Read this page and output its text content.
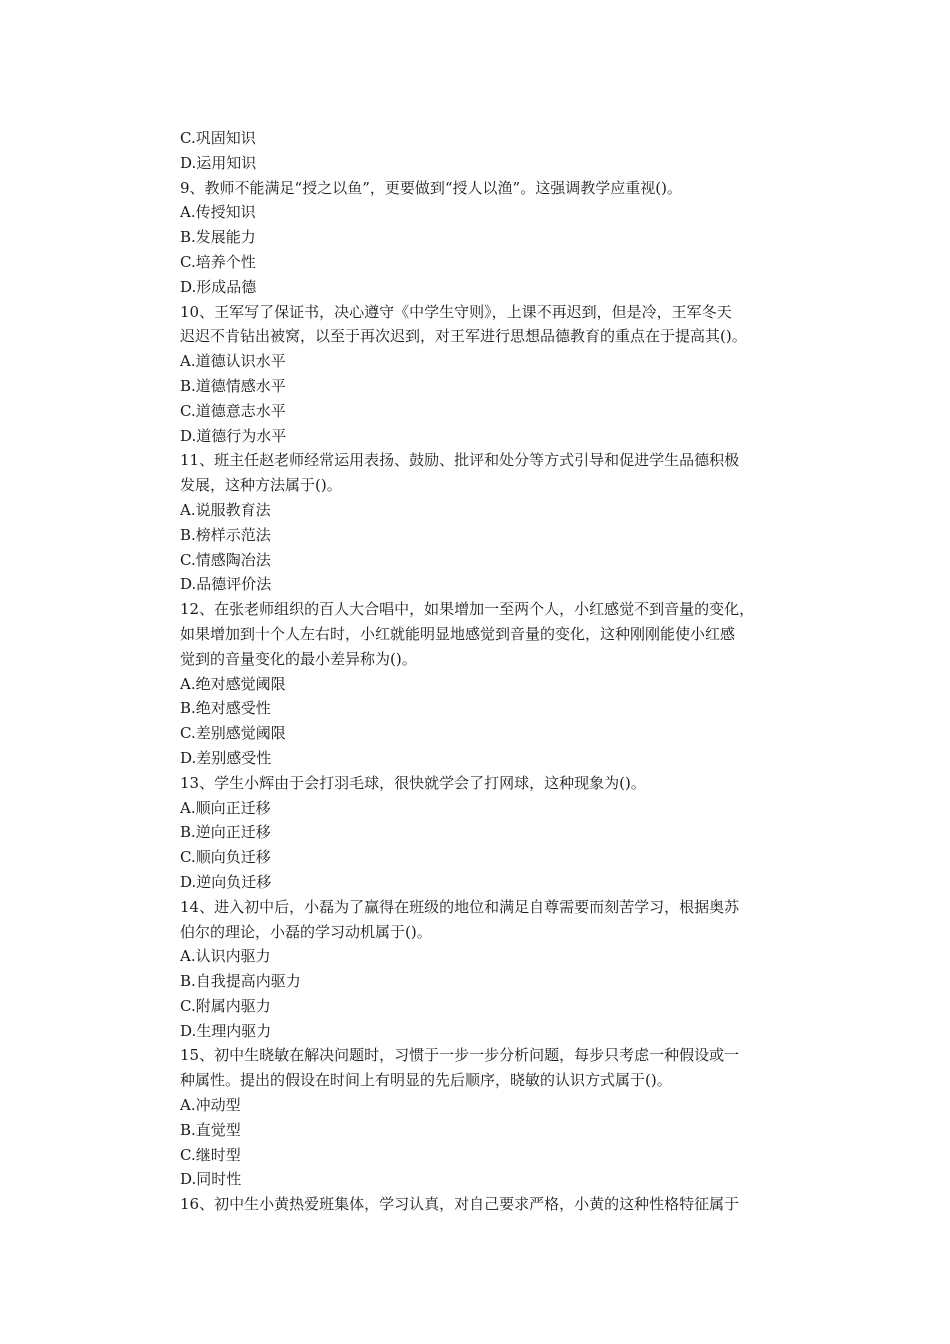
C.巩固知识
D.运用知识
9、教师不能满足“授之以鱼”，更要做到“授人以渔”。这强调教学应重视()。
A.传授知识
B.发展能力
C.培养个性
D.形成品德
10、王军写了保证书，决心遵守《中学生守则》，上课不再迟到，但是冷，王军冬天
迟迟不肯钻出被窝，以至于再次迟到，对王军进行思想品德教育的重点在于提高其()。
A.道德认识水平
B.道德情感水平
C.道德意志水平
D.道德行为水平
11、班主任赵老师经常运用表扬、鼓励、批评和处分等方式引导和促进学生品德积极
发展，这种方法属于()。
A.说服教育法
B.榜样示范法
C.情感陶冶法
D.品德评价法
12、在张老师组织的百人大合唱中，如果增加一至两个人，小红感觉不到音量的变化，
如果增加到十个人左右时，小红就能明显地感觉到音量的变化，这种刚刚能使小红感
觉到的音量变化的最小差异称为()。
A.绝对感觉阈限
B.绝对感受性
C.差别感觉阈限
D.差别感受性
13、学生小辉由于会打羽毛球，很快就学会了打网球，这种现象为()。
A.顺向正迁移
B.逆向正迁移
C.顺向负迁移
D.逆向负迁移
14、进入初中后，小磊为了赢得在班级的地位和满足自尊需要而刻苦学习，根据奥苏
伯尔的理论，小磊的学习动机属于()。
A.认识内驱力
B.自我提高内驱力
C.附属内驱力
D.生理内驱力
15、初中生晓敏在解决问题时，习惯于一步一步分析问题，每步只考虑一种假设或一
种属性。提出的假设在时间上有明显的先后顺序，晓敏的认识方式属于()。
A.冲动型
B.直觉型
C.继时型
D.同时性
16、初中生小黄热爱班集体，学习认真，对自己要求严格，小黄的这种性格特征属于
